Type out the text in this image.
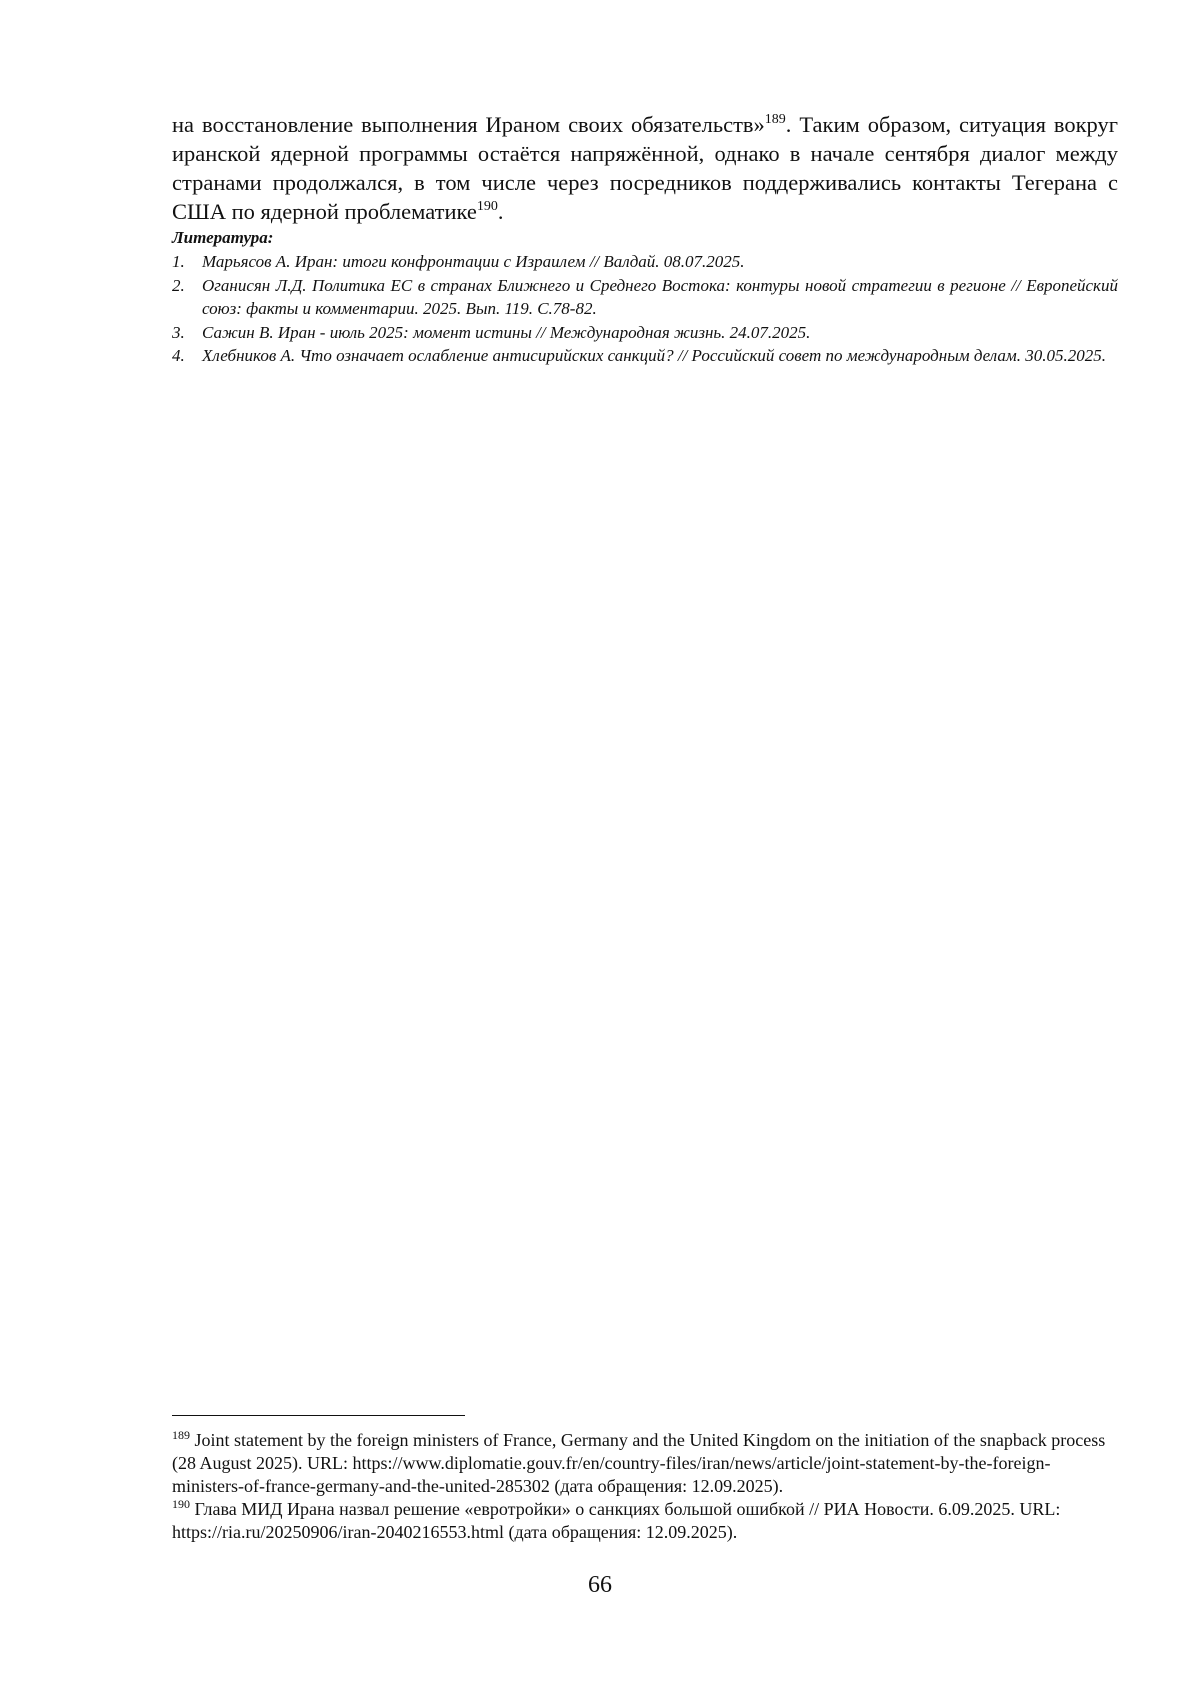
на восстановление выполнения Ираном своих обязательств»$^{189}$. Таким образом, ситуация вокруг иранской ядерной программы остаётся напряжённой, однако в начале сентября диалог между странами продолжался, в том числе через посредников поддерживались контакты Тегерана с США по ядерной проблематике$^{190}$.

Литература:

1. Марьясов А. Иран: итоги конфронтации с Израилем // Валдай. 08.07.2025.
2. Оганисян Л.Д. Политика ЕС в странах Ближнего и Среднего Востока: контуры новой стратегии в регионе // Европейский союз: факты и комментарии. 2025. Вып. 119. С.78-82.
3. Сажин В. Иран - июль 2025: момент истины // Международная жизнь. 24.07.2025.
4. Хлебников А. Что означает ослабление антисирийских санкций? // Российский совет по международным делам. 30.05.2025.

$^{189}$ Joint statement by the foreign ministers of France, Germany and the United Kingdom on the initiation of the snapback process (28 August 2025). URL: https://www.diplomatie.gouv.fr/en/country-files/iran/news/article/joint-statement-by-the-foreign-ministers-of-france-germany-and-the-united-285302 (дата обращения: 12.09.2025).

$^{190}$ Глава МИД Ирана назвал решение «евротройки» о санкциях большой ошибкой // РИА Новости. 6.09.2025. URL: https://ria.ru/20250906/iran-2040216553.html (дата обращения: 12.09.2025).

66
